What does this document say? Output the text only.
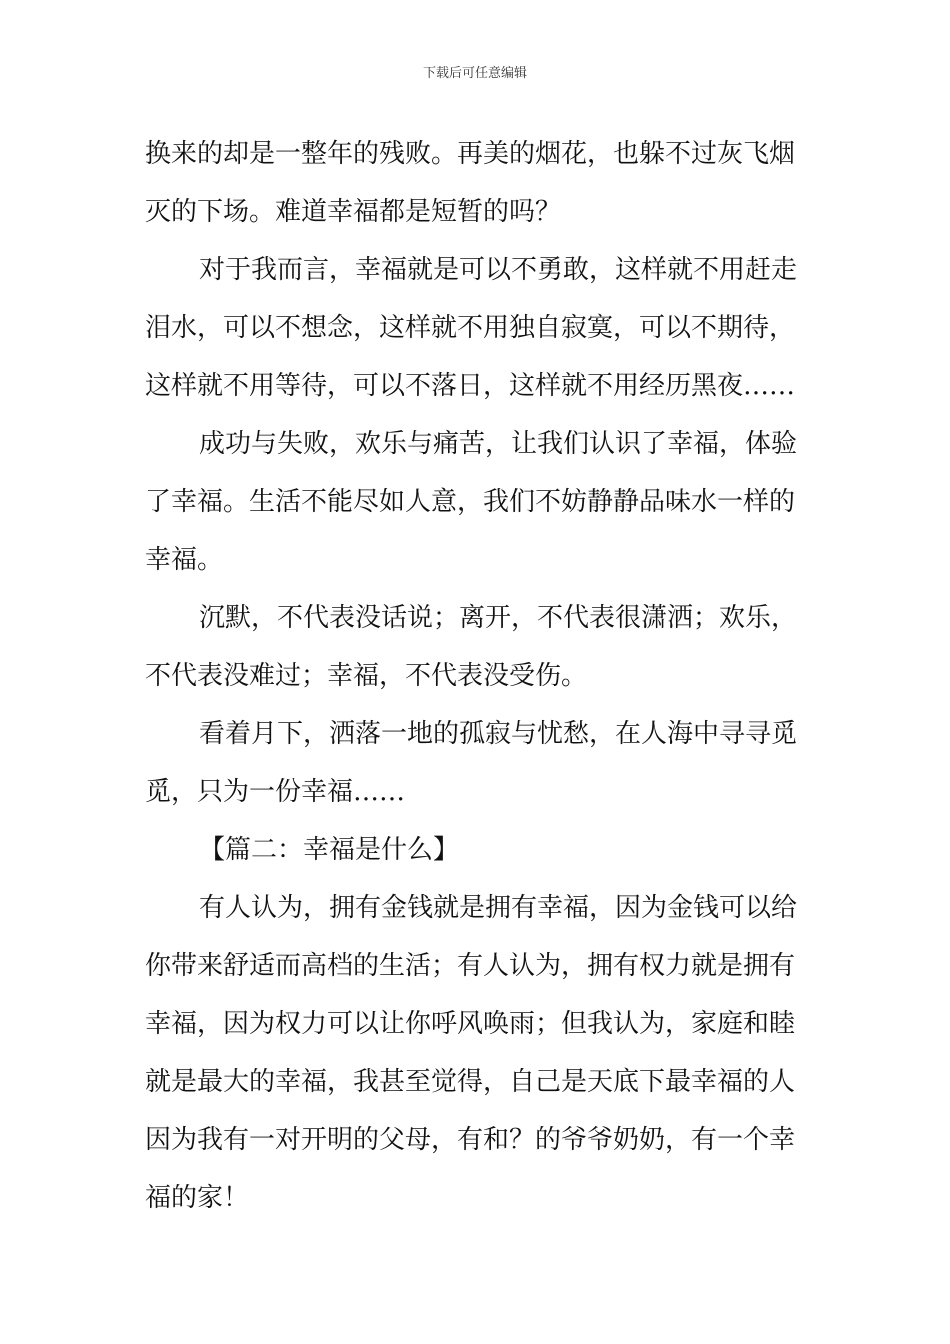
下载后可任意编辑
换来的却是一整年的残败。再美的烟花，也躲不过灰飞烟
灭的下场。难道幸福都是短暂的吗？
对于我而言，幸福就是可以不勇敢，这样就不用赶走
泪水，可以不想念，这样就不用独自寂寞，可以不期待，
这样就不用等待，可以不落日，这样就不用经历黑夜……
成功与失败，欢乐与痛苦，让我们认识了幸福，体验
了幸福。生活不能尽如人意，我们不妨静静品味水一样的
幸福。
沉默，不代表没话说；离开，不代表很潇洒；欢乐，
不代表没难过；幸福，不代表没受伤。
看着月下，洒落一地的孤寂与忧愁，在人海中寻寻觅
觅，只为一份幸福……
【篇二：幸福是什么】
有人认为，拥有金钱就是拥有幸福，因为金钱可以给
你带来舒适而高档的生活；有人认为，拥有权力就是拥有
幸福，因为权力可以让你呼风唤雨；但我认为，家庭和睦
就是最大的幸福，我甚至觉得，自己是天底下最幸福的人
因为我有一对开明的父母，有和？的爷爷奶奶，有一个幸
福的家！
